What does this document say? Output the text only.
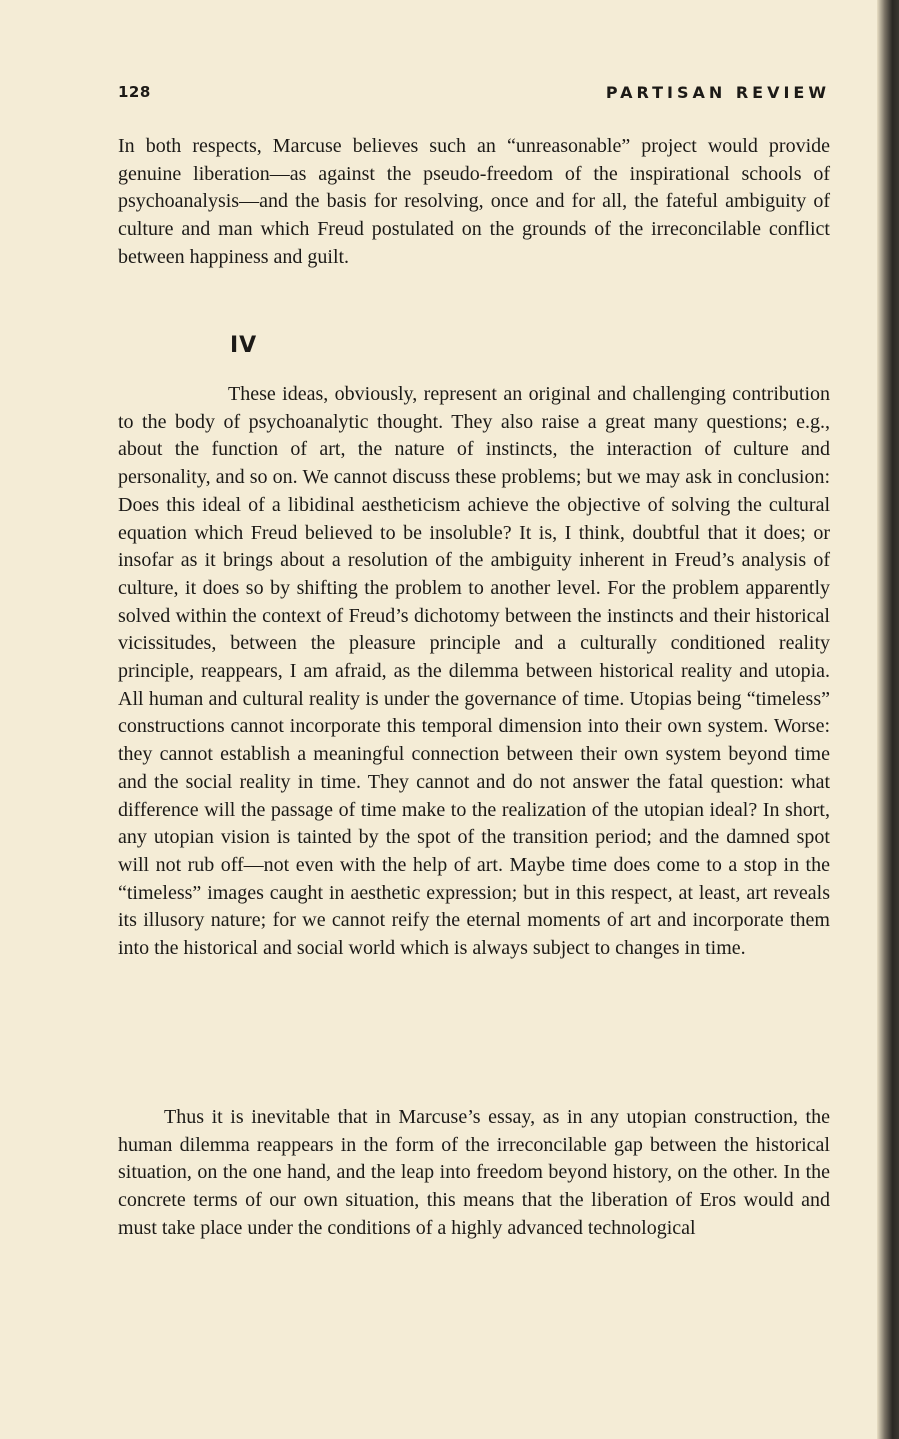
128	PARTISAN REVIEW

In both respects, Marcuse believes such an “unreasonable” project would provide genuine liberation—as against the pseudo-freedom of the inspirational schools of psychoanalysis—and the basis for resolving, once and for all, the fateful ambiguity of culture and man which Freud postulated on the grounds of the irreconcilable conflict between happiness and guilt.

IV

These ideas, obviously, represent an original and challenging contribution to the body of psychoanalytic thought. They also raise a great many questions; e.g., about the function of art, the nature of instincts, the interaction of culture and personality, and so on. We cannot discuss these problems; but we may ask in conclusion: Does this ideal of a libidinal aestheticism achieve the objective of solving the cultural equation which Freud believed to be insoluble? It is, I think, doubtful that it does; or insofar as it brings about a resolution of the ambiguity inherent in Freud’s analysis of culture, it does so by shifting the problem to another level. For the problem apparently solved within the context of Freud’s dichotomy between the instincts and their historical vicissitudes, between the pleasure principle and a culturally conditioned reality principle, reappears, I am afraid, as the dilemma between historical reality and utopia. All human and cultural reality is under the governance of time. Utopias being “timeless” constructions cannot incorporate this temporal dimension into their own system. Worse: they cannot establish a meaningful connection between their own system beyond time and the social reality in time. They cannot and do not answer the fatal question: what difference will the passage of time make to the realization of the utopian ideal? In short, any utopian vision is tainted by the spot of the transition period; and the damned spot will not rub off—not even with the help of art. Maybe time does come to a stop in the “timeless” images caught in aesthetic expression; but in this respect, at least, art reveals its illusory nature; for we cannot reify the eternal moments of art and incorporate them into the historical and social world which is always subject to changes in time.

Thus it is inevitable that in Marcuse’s essay, as in any utopian construction, the human dilemma reappears in the form of the irreconcilable gap between the historical situation, on the one hand, and the leap into freedom beyond history, on the other. In the concrete terms of our own situation, this means that the liberation of Eros would and must take place under the conditions of a highly advanced technological
